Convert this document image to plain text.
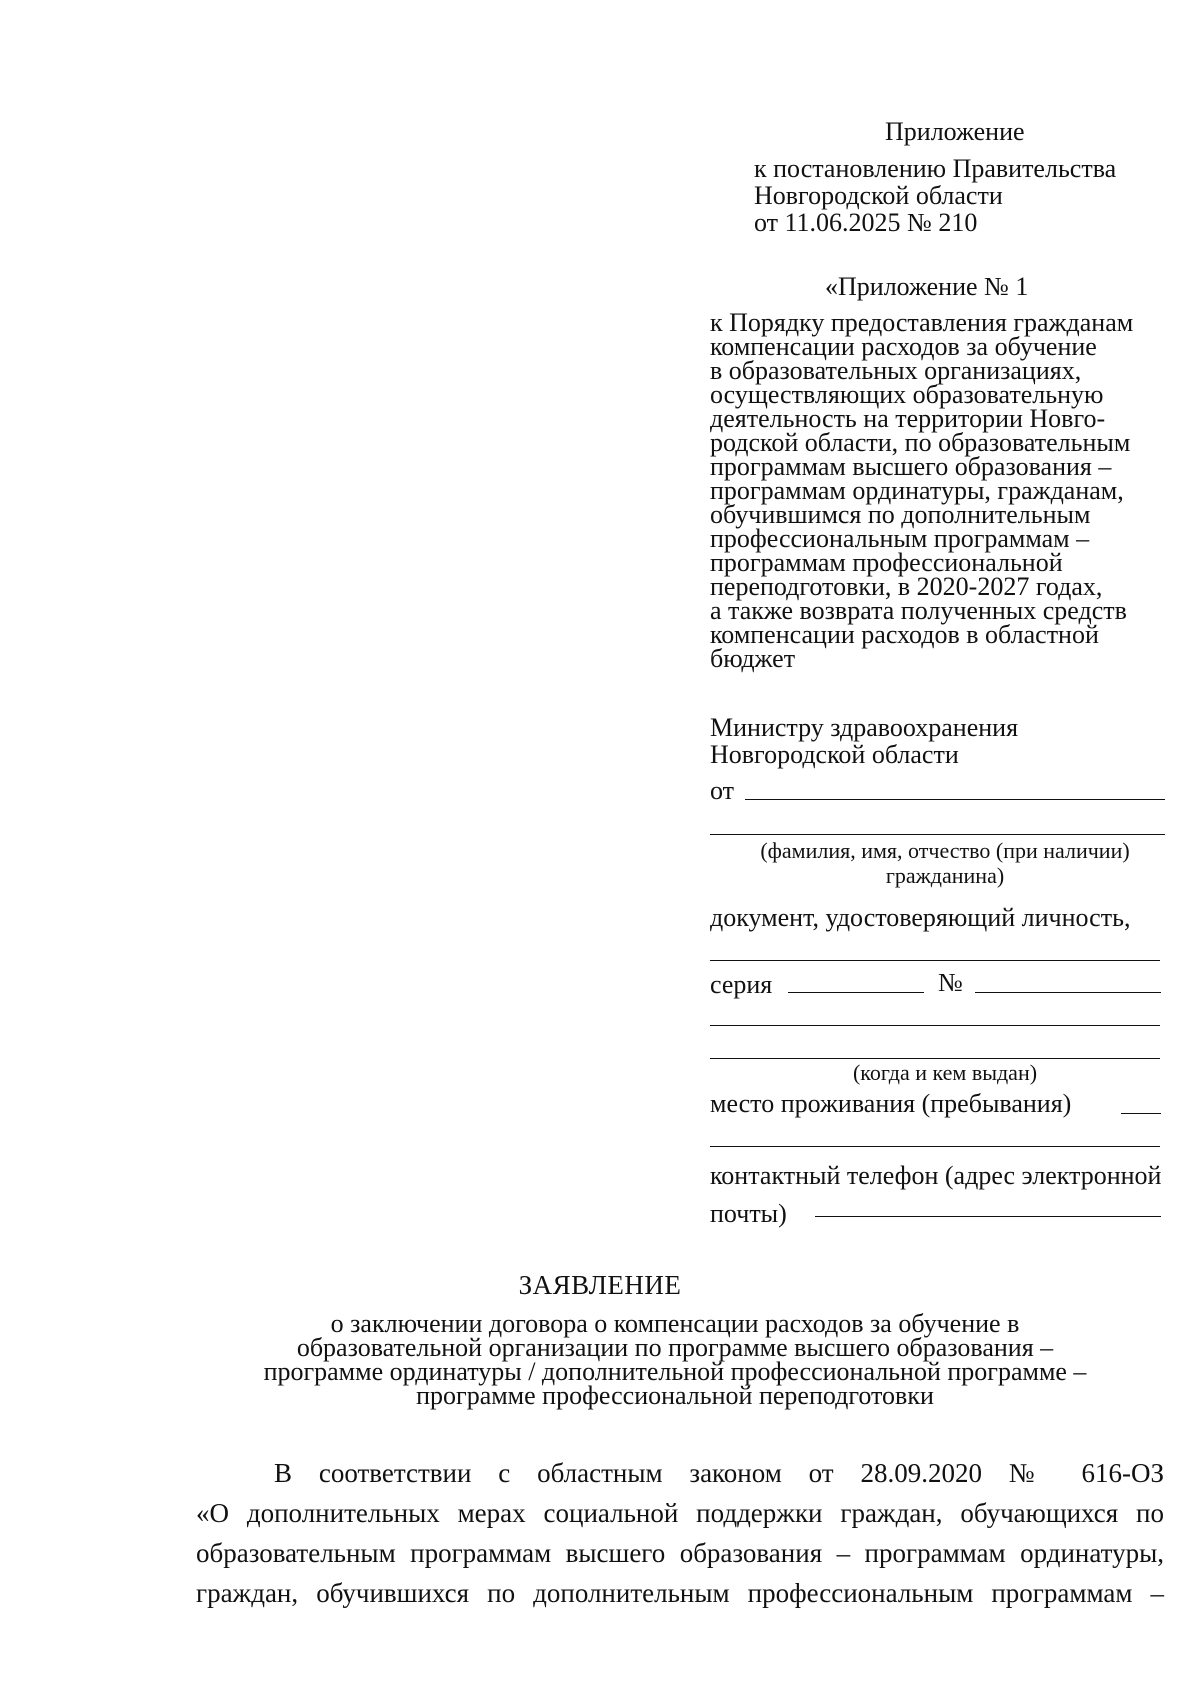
Приложение
к постановлению Правительства
Новгородской области
от 11.06.2025 № 210
«Приложение № 1
к Порядку предоставления гражданам
компенсации расходов за обучение
в образовательных организациях,
осуществляющих образовательную
деятельность на территории Новго-
родской области, по образовательным
программам высшего образования –
программам ординатуры, гражданам,
обучившимся по дополнительным
профессиональным программам –
программам профессиональной
переподготовки, в 2020-2027 годах,
а также возврата полученных средств
компенсации расходов в областной
бюджет
Министру здравоохранения
Новгородской области
от
(фамилия, имя, отчество (при наличии)
гражданина)
документ, удостоверяющий личность,
серия	№
(когда и кем выдан)
место проживания (пребывания)
контактный телефон (адрес электронной
почты)
ЗАЯВЛЕНИЕ
о заключении договора о компенсации расходов за обучение в
образовательной организации по программе высшего образования –
программе ординатуры / дополнительной профессиональной программе –
программе профессиональной переподготовки
В соответствии с областным законом от 28.09.2020 № 616-ОЗ
«О дополнительных мерах социальной поддержки граждан, обучающихся по
образовательным программам высшего образования – программам ординатуры,
граждан, обучившихся по дополнительным профессиональным программам –
